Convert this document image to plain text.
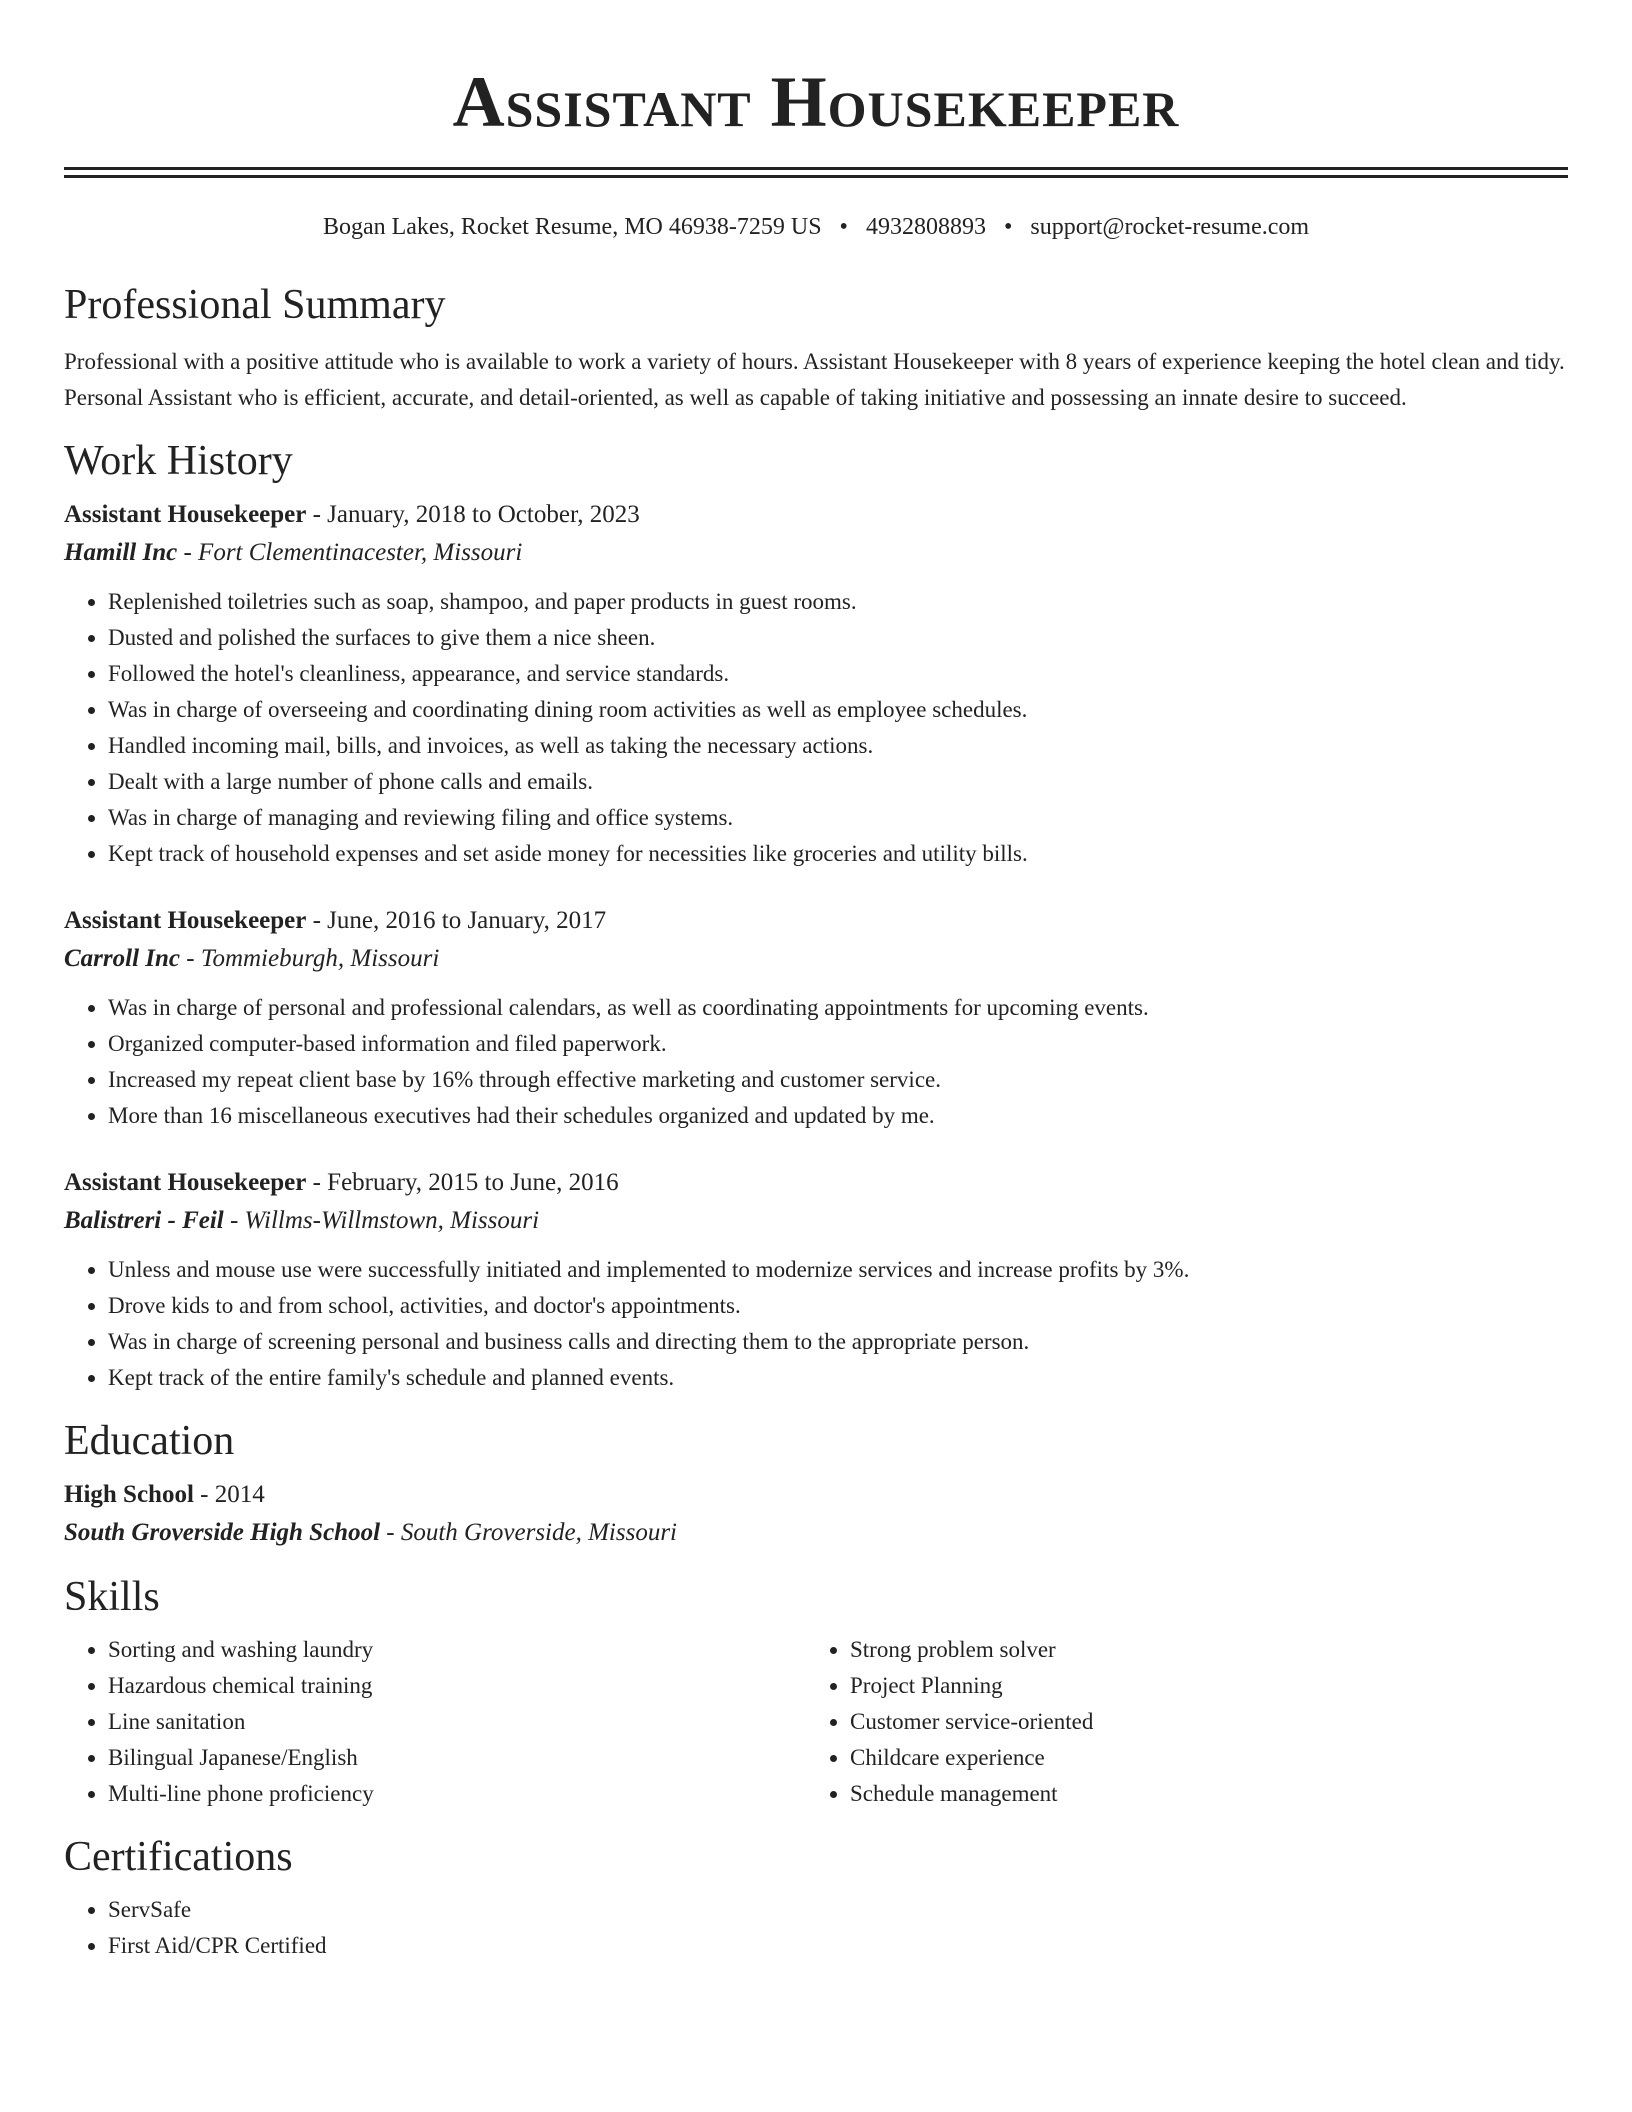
Assistant Housekeeper
Bogan Lakes, Rocket Resume, MO 46938-7259 US • 4932808893 • support@rocket-resume.com
Professional Summary

Professional with a positive attitude who is available to work a variety of hours. Assistant Housekeeper with 8 years of experience keeping the hotel clean and tidy. Personal Assistant who is efficient, accurate, and detail-oriented, as well as capable of taking initiative and possessing an innate desire to succeed.

Work History
Assistant Housekeeper - January, 2018 to October, 2023
Hamill Inc - Fort Clementinacester, Missouri
• Replenished toiletries such as soap, shampoo, and paper products in guest rooms.
• Dusted and polished the surfaces to give them a nice sheen.
• Followed the hotel's cleanliness, appearance, and service standards.
• Was in charge of overseeing and coordinating dining room activities as well as employee schedules.
• Handled incoming mail, bills, and invoices, as well as taking the necessary actions.
• Dealt with a large number of phone calls and emails.
• Was in charge of managing and reviewing filing and office systems.
• Kept track of household expenses and set aside money for necessities like groceries and utility bills.
Assistant Housekeeper - June, 2016 to January, 2017
Carroll Inc - Tommieburgh, Missouri
• Was in charge of personal and professional calendars, as well as coordinating appointments for upcoming events.
• Organized computer-based information and filed paperwork.
• Increased my repeat client base by 16% through effective marketing and customer service.
• More than 16 miscellaneous executives had their schedules organized and updated by me.
Assistant Housekeeper - February, 2015 to June, 2016
Balistreri - Feil - Willms-Willmstown, Missouri
• Unless and mouse use were successfully initiated and implemented to modernize services and increase profits by 3%.
• Drove kids to and from school, activities, and doctor's appointments.
• Was in charge of screening personal and business calls and directing them to the appropriate person.
• Kept track of the entire family's schedule and planned events.
Education
High School - 2014
South Groverside High School - South Groverside, Missouri
Skills
• Sorting and washing laundry
• Hazardous chemical training
• Line sanitation
• Bilingual Japanese/English
• Multi-line phone proficiency
• Strong problem solver
• Project Planning
• Customer service-oriented
• Childcare experience
• Schedule management
Certifications
• ServSafe
• First Aid/CPR Certified
